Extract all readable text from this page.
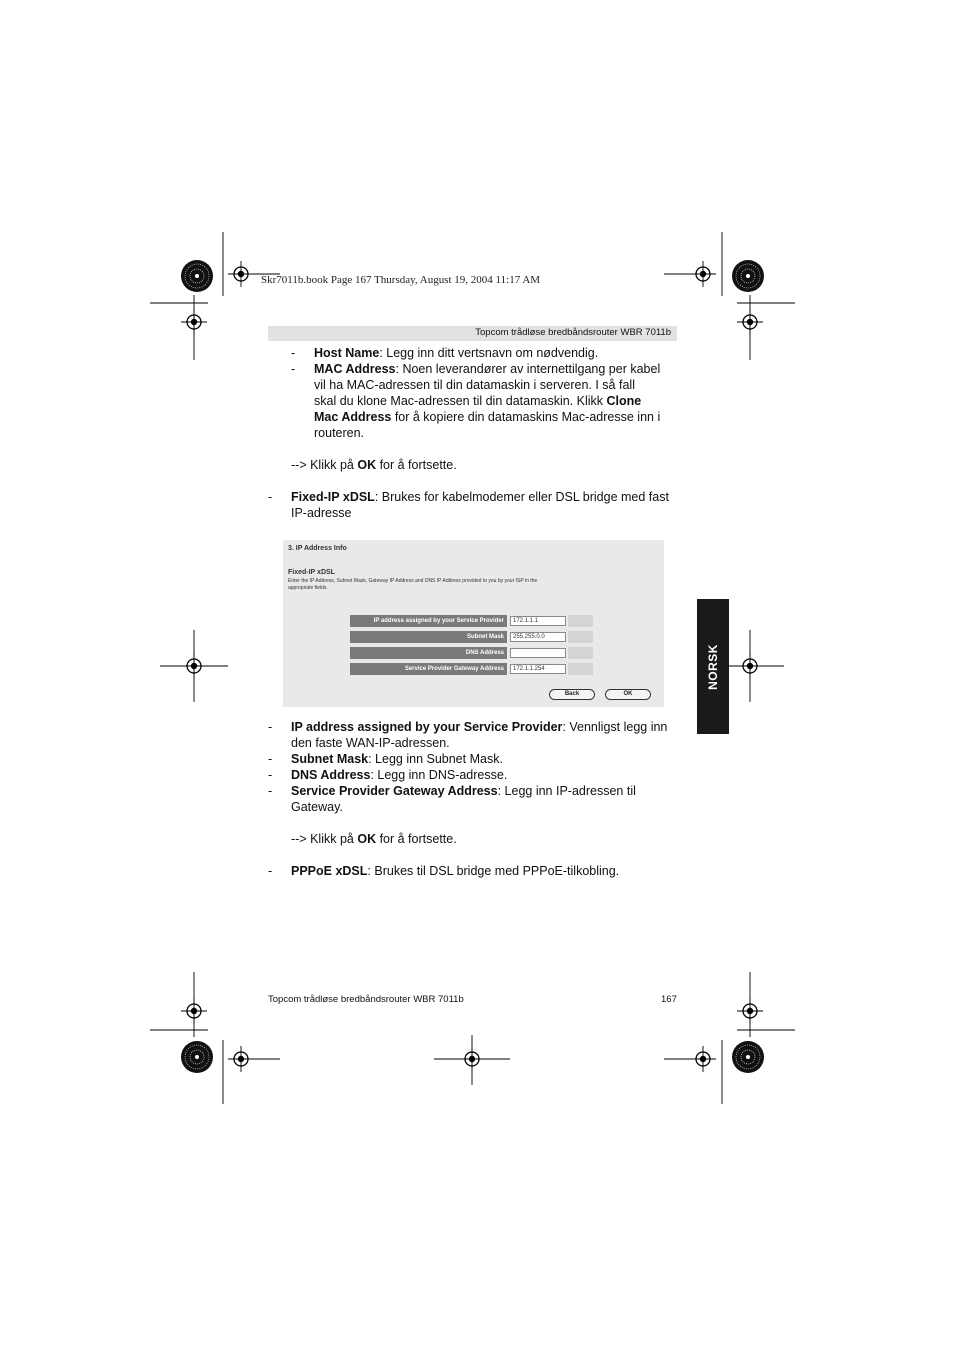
Skr7011b.book Page 167 Thursday, August 19, 2004 11:17 AM
Topcom trådløse bredbåndsrouter WBR 7011b
NORSK
- Host Name: Legg inn ditt vertsnavn om nødvendig.
- MAC Address: Noen leverandører av internettilgang per kabel
vil ha MAC-adressen til din datamaskin i serveren. I så fall
skal du klone Mac-adressen til din datamaskin. Klikk Clone
Mac Address for å kopiere din datamaskins Mac-adresse inn i
routeren.
--> Klikk på OK for å fortsette.
- Fixed-IP xDSL: Brukes for kabelmodemer eller DSL bridge med fast
IP-adresse
3. IP Address Info
Fixed-IP xDSL
Enter the IP Address, Subnet Mask, Gateway IP Address and DNS IP Address provided to you by your ISP in the
appropriate fields.
IP address assigned by your Service Provider	172.1.1.1
Subnet Mask	255.255.0.0
DNS Address
Service Provider Gateway Address	172.1.1.254
Back	OK
- IP address assigned by your Service Provider: Vennligst legg inn
den faste WAN-IP-adressen.
- Subnet Mask: Legg inn Subnet Mask.
- DNS Address: Legg inn DNS-adresse.
- Service Provider Gateway Address: Legg inn IP-adressen til
Gateway.
--> Klikk på OK for å fortsette.
- PPPoE xDSL: Brukes til DSL bridge med PPPoE-tilkobling.
Topcom trådløse bredbåndsrouter WBR 7011b	167
